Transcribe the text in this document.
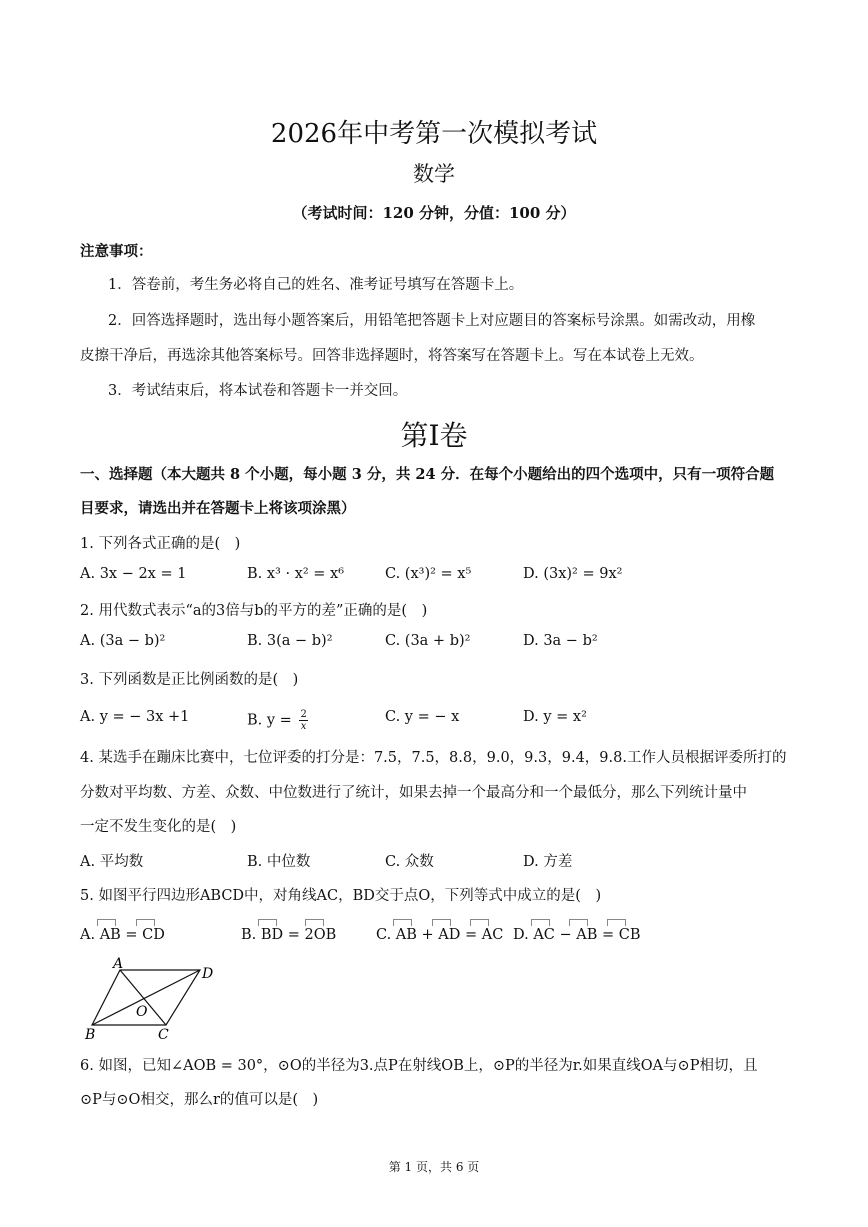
2026年中考第一次模拟考试
数学
（考试时间：120 分钟，分值：100 分）
注意事项：
1．答卷前，考生务必将自己的姓名、准考证号填写在答题卡上。
2．回答选择题时，选出每小题答案后，用铅笔把答题卡上对应题目的答案标号涂黑。如需改动，用橡
皮擦干净后，再选涂其他答案标号。回答非选择题时，将答案写在答题卡上。写在本试卷上无效。
3．考试结束后，将本试卷和答题卡一并交回。
第I卷
一、选择题（本大题共 8 个小题，每小题 3 分，共 24 分．在每个小题给出的四个选项中，只有一项符合题
目要求，请选出并在答题卡上将该项涂黑）
1. 下列各式正确的是(　)
A. 3x − 2x = 1	B. x³ · x² = x⁶	C. (x³)² = x⁵	D. (3x)² = 9x²
2. 用代数式表示“a的3倍与b的平方的差”正确的是(　)
A. (3a − b)²	B. 3(a − b)²	C. (3a + b)²	D. 3a − b²
3. 下列函数是正比例函数的是(　)
A. y = − 3x +1	B. $y = \frac{2}{x}$	C. y = − x	D. y = x²
4. 某选手在蹦床比赛中，七位评委的打分是：7.5，7.5，8.8，9.0，9.3，9.4，9.8.工作人员根据评委所打的
分数对平均数、方差、众数、中位数进行了统计，如果去掉一个最高分和一个最低分，那么下列统计量中
一定不发生变化的是(　)
A. 平均数	B. 中位数	C. 众数	D. 方差
5. 如图平行四边形ABCD中，对角线AC，BD交于点O，下列等式中成立的是(　)
A. AB = CD	B. BD = 2OB	C. AB + AD = AC D. AC − AB = CB
A
D
B	C
O
6. 如图，已知∠AOB = 30°，⊙O的半径为3.点P在射线OB上，⊙P的半径为r.如果直线OA与⊙P相切，且
⊙P与⊙O相交，那么r的值可以是(　)
第 1 页，共 6 页
